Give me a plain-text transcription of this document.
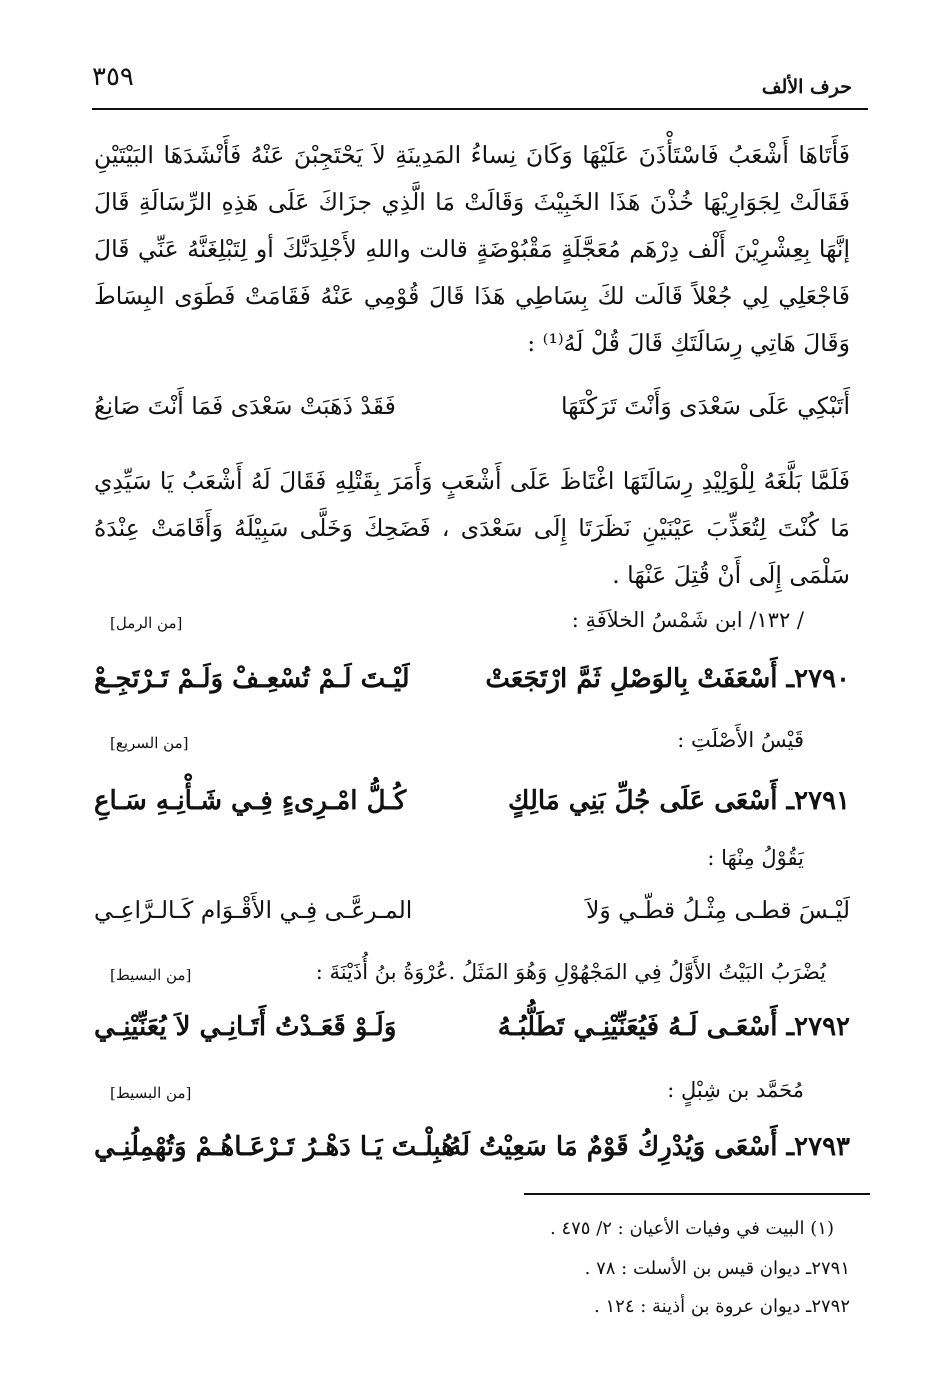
حرف الألف
٣٥٩
فَأَتَاهَا أَشْعَبُ فَاسْتَأْذَنَ عَلَيْهَا وَكَانَ نِساءُ المَدِينَةِ لاَ يَحْتَجِبْنَ عَنْهُ فَأَنْشَدَهَا البَيْتَيْنِ فَقَالَتْ لِجَوَارِيْهَا خُذْنَ هَذَا الخَبِيْثَ وَقَالَتْ مَا الَّذِي جزَاكَ عَلَى هَذِهِ الرِّسَالَةِ قَالَ إنَّهَا بِعِشْرِيْنَ أَلْف دِرْهَم مُعَجَّلَةٍ مَقْبُوْضَةٍ قالت واللهِ لأَجْلِدَنَّكَ أو لِتَبْلِغَنَّهُ عَنِّي قَالَ فَاجْعَلِي لِي جُعْلاً قَالَت لكَ بِسَاطِي هَذَا قَالَ قُوْمِي عَنْهُ فَقَامَتْ فَطَوَى البِسَاطَ وَقَالَ هَاتِي رِسَالَتَكِ قَالَ قُلْ لَهُ⁽¹⁾ :
أَتَبْكِي عَلَى سَعْدَى وَأَنْتَ تَرَكْتَهَا
فَقَدْ ذَهَبَتْ سَعْدَى فَمَا أَنْتَ صَانِعُ
فَلَمَّا بَلَّغَهُ لِلْوَلِيْدِ رِسَالَتَهَا اغْتَاظَ عَلَى أَشْعَبٍ وَأَمَرَ بِقَتْلِهِ فَقَالَ لَهُ أَشْعَبُ يَا سَيِّدِي مَا كُنْتَ لِتُعَذِّبَ عَيْنَيْنِ نَظَرَتَا إِلَى سَعْدَى ، فَضَحِكَ وَخَلَّى سَبِيْلَهُ وَأَقَامَتْ عِنْدَهُ سَلْمَى إِلَى أَنْ قُتِلَ عَنْهَا .
/ ١٣٢/ ابن شَمْسُ الخلاَفَةِ :
[ من الرمل ]
٢٧٩٠ـ أَسْعَفَتْ بِالوَصْلِ ثَمَّ ارْتَجَعَتْ
لَيْـتَ لَـمْ تُسْعِـفْ وَلَـمْ تَـرْتَجِـعْ
قَيْسُ الأَصْلَتِ :
[ من السريع ]
٢٧٩١ـ أَسْعَى عَلَى جُلِّ بَنِي مَالِكٍ
كُـلُّ امْـرِىءٍ فِـي شَـأْنِـهِ سَـاعِ
يَقُوْلُ مِنْهَا :
لَيْـسَ قطـى مِثْـلُ قطّـي وَلاَ
المـرعَّـى فِـي الأَقْـوَام كَـالـرَّاعِـي
يُضْرَبُ البَيْتُ الأَوَّلُ فِي المَجْهُوْلِ وَهُوَ المَثَلُ .عُرْوَةُ بنُ أُذَيْنَةَ :
[ من البسيط ]
٢٧٩٢ـ أَسْعَـى لَـهُ فَيُعَنِّيْنِـي تَطَلُّبُـهُ
وَلَـوْ قَعَـدْتُ أَتَـانِـي لاَ يُعَنِّيْنِـي
مُحَمَّد بن شِبْلٍ :
[ من البسيط ]
٢٧٩٣ـ أَسْعَى وَيُدْرِكُ قَوْمٌ مَا سَعِيْتُ لَهُ
هُبِلْـتَ يَـا دَهْـرُ تَـرْعَـاهُـمْ وَتُهْمِلُنِـي
(١) البيت في وفيات الأعيان : ٢/ ٤٧٥ .
٢٧٩١ـ ديوان قيس بن الأسلت : ٧٨ .
٢٧٩٢ـ ديوان عروة بن أذينة : ١٢٤ .
